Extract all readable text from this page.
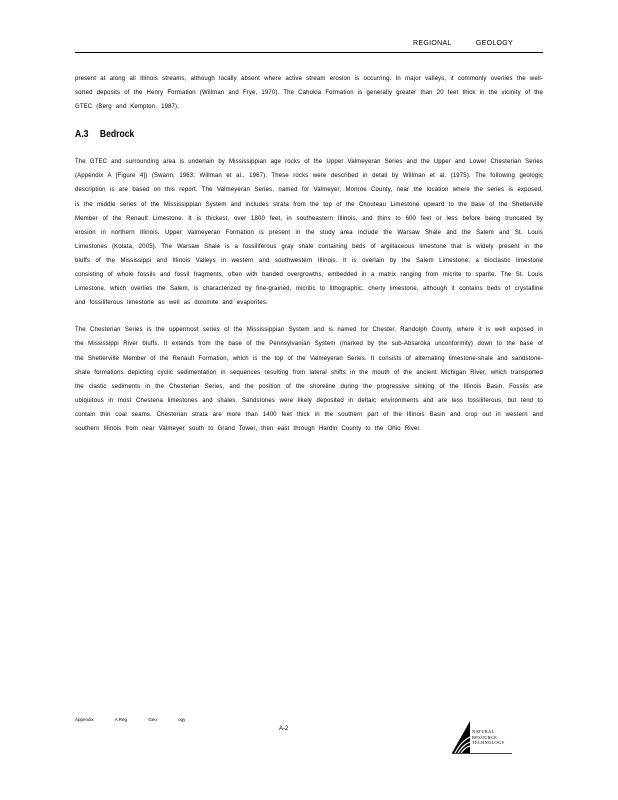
REGIONAL	GEOLOGY

present at along all Illinois streams, although locally absent where active stream erosion is occurring. In major valleys, it commonly overlies the well-sorted deposits of the Henry Formation (Willman and Frye, 1970). The Cahokia Formation is generally greater than 20 feet thick in the vicinity of the GTEC (Berg and Kempton, 1987).

A.3 Bedrock

The GTEC and surrounding area is underlain by Mississippian age rocks of the Upper Valmeyeran Series and the Upper and Lower Chesterian Series (Appendix A [Figure 4]) (Swann, 1963; Willman et al., 1967). These rocks were described in detail by Willman et al. (1975). The following geologic description is are based on this report. The Valmeyeran Series, named for Valmeyer, Monroe County, near the location where the series is exposed, is the middle series of the Mississippian System and includes strata from the top of the Chouteau Limestone upward to the base of the Shetlerville Member of the Renault Limestone. It is thickest, over 1800 feet, in southeastern Illinois, and thins to 600 feet or less before being truncated by erosion in northern Illinois. Upper Valmeyeran Formation is present in the study area include the Warsaw Shale and the Salem and St. Louis Limestones (Kolata, 2005). The Warsaw Shale is a fossiliferous gray shale containing beds of argillaceous limestone that is widely present in the bluffs of the Mississippi and Illinois Valleys in western and southwestern Illinois. It is overlain by the Salem Limestone, a bioclastic limestone consisting of whole fossils and fossil fragments, often with banded overgrowths, embedded in a matrix ranging from micrite to sparite. The St. Louis Limestone, which overlies the Salem, is characterized by fine-grained, micritic to lithographic, cherty limestone, although it contains beds of crystalline and fossiliferous limestone as well as dolomite and evaporites.

The Chesterian Series is the uppermost series of the Mississippian System and is named for Chester, Randolph County, where it is well exposed in the Mississippi River bluffs. It extends from the base of the Pennsylvanian System (marked by the sub-Absaroka unconformity) down to the base of the Shetlerville Member of the Renault Formation, which is the top of the Valmeyeran Series. It consists of alternating limestone-shale and sandstone-shale formations depicting cyclic sedimentation in sequences resulting from lateral shifts in the mouth of the ancient Michigan River, which transported the clastic sediments in the Chesterian Series, and the position of the shoreline during the progressive sinking of the Illinois Basin. Fossils are ubiquitous in most Chesteria limestones and shales. Sandstones were likely deposited in deltaic environments and are less fossiliferous, but tend to contain thin coal seams. Chesterian strata are more than 1400 feet thick in the southern part of the Illinois Basin and crop out in western and southern Illinois from near Valmeyer south to Grand Tower, then east through Hardin County to the Ohio River.

Appendix	A Reg	Geo	ogy
A-2	NATURAL
RESOURCE
TECHNOLOGY
